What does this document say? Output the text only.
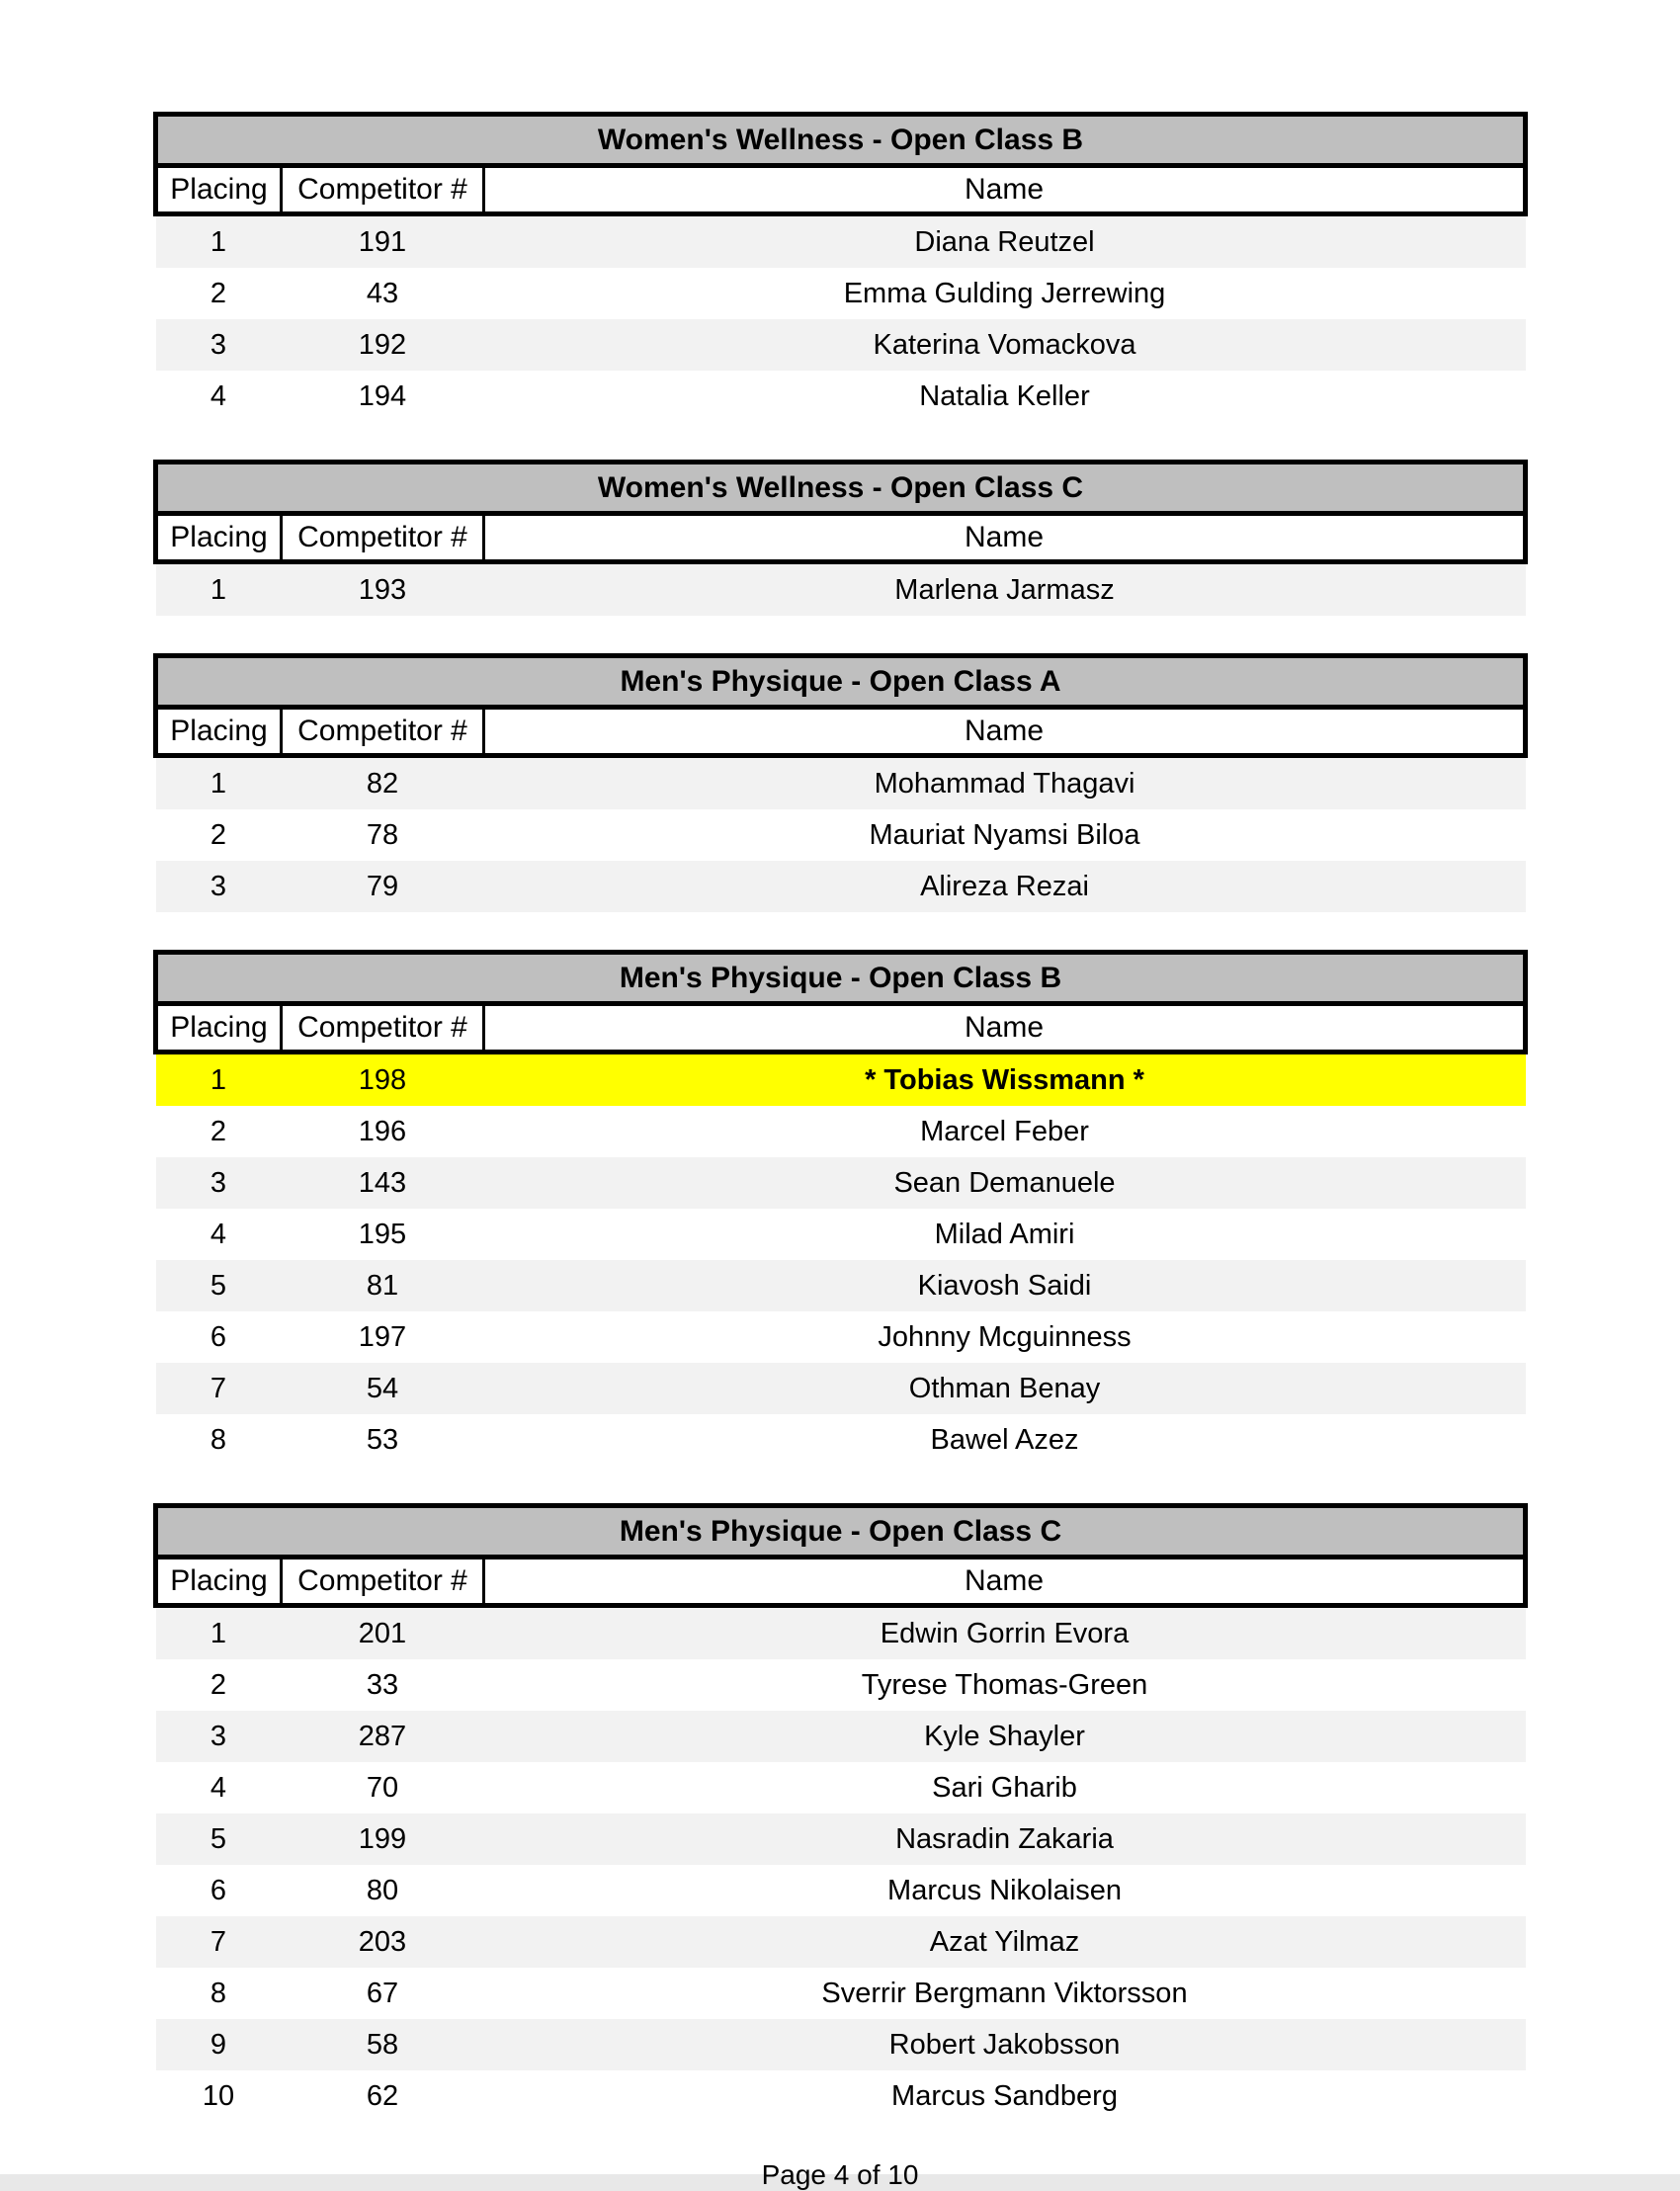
Women's Wellness - Open Class B		
Placing	Competitor #	Name
1	191	Diana Reutzel
2	43	Emma Gulding Jerrewing
3	192	Katerina Vomackova
4	194	Natalia Keller
Women's Wellness - Open Class C		
Placing	Competitor #	Name
1	193	Marlena Jarmasz
Men's Physique - Open Class A		
Placing	Competitor #	Name
1	82	Mohammad Thagavi
2	78	Mauriat Nyamsi Biloa
3	79	Alireza Rezai
Men's Physique - Open Class B		
Placing	Competitor #	Name
1	198	* Tobias Wissmann *
2	196	Marcel Feber
3	143	Sean Demanuele
4	195	Milad Amiri
5	81	Kiavosh Saidi
6	197	Johnny Mcguinness
7	54	Othman Benay
8	53	Bawel Azez
Men's Physique - Open Class C		
Placing	Competitor #	Name
1	201	Edwin Gorrin Evora
2	33	Tyrese Thomas-Green
3	287	Kyle Shayler
4	70	Sari Gharib
5	199	Nasradin Zakaria
6	80	Marcus Nikolaisen
7	203	Azat Yilmaz
8	67	Sverrir Bergmann Viktorsson
9	58	Robert Jakobsson
10	62	Marcus Sandberg
Page 4 of 10
